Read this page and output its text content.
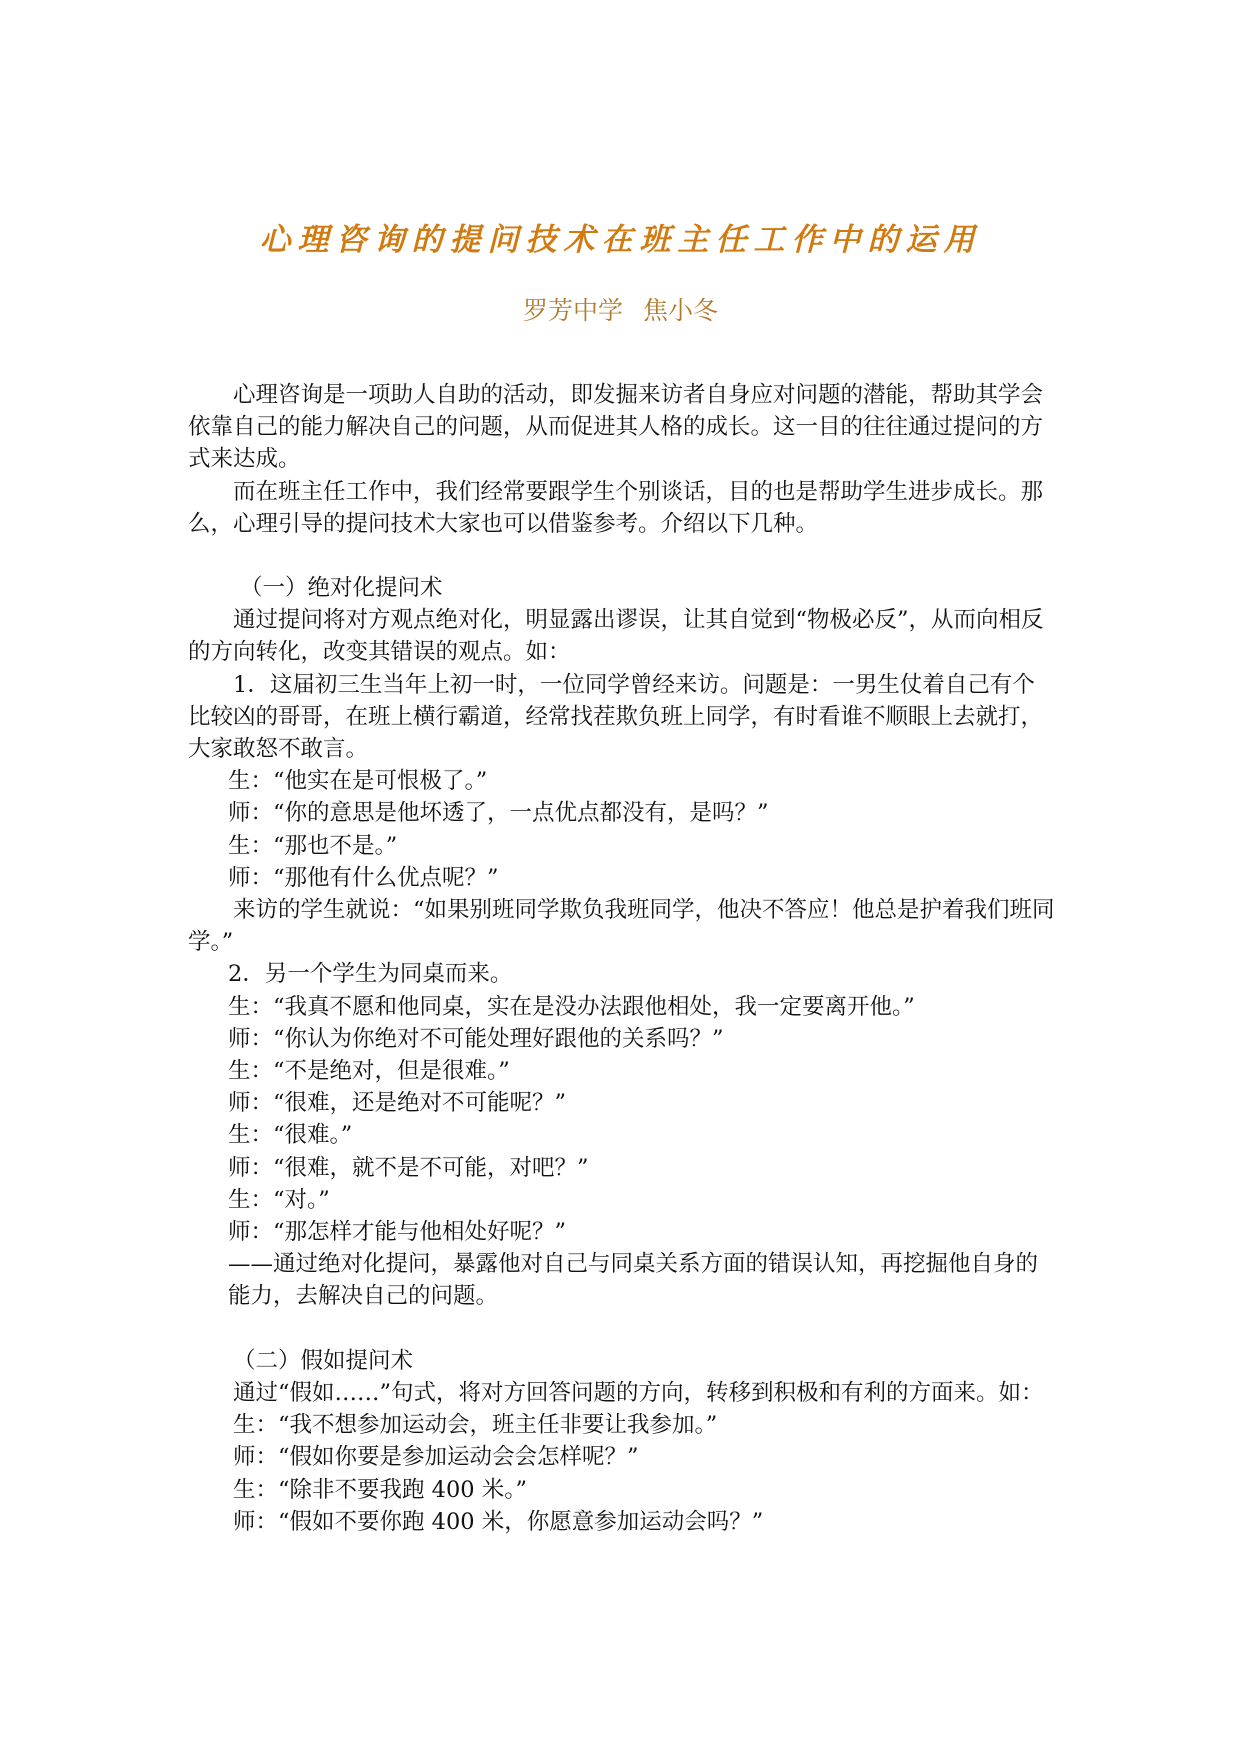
心理咨询的提问技术在班主任工作中的运用
罗芳中学 焦小冬

心理咨询是一项助人自助的活动，即发掘来访者自身应对问题的潜能，帮助其学会依靠自己的能力解决自己的问题，从而促进其人格的成长。这一目的往往通过提问的方式来达成。

而在班主任工作中，我们经常要跟学生个别谈话，目的也是帮助学生进步成长。那么，心理引导的提问技术大家也可以借鉴参考。介绍以下几种。

（一）绝对化提问术

通过提问将对方观点绝对化，明显露出谬误，让其自觉到“物极必反”，从而向相反的方向转化，改变其错误的观点。如：

1．这届初三生当年上初一时，一位同学曾经来访。问题是：一男生仗着自己有个比较凶的哥哥，在班上横行霸道，经常找茬欺负班上同学，有时看谁不顺眼上去就打，大家敢怒不敢言。

生：“他实在是可恨极了。”

师：“你的意思是他坏透了，一点优点都没有，是吗？”

生：“那也不是。”

师：“那他有什么优点呢？”

来访的学生就说：“如果别班同学欺负我班同学，他决不答应！他总是护着我们班同学。”

2．另一个学生为同桌而来。

生：“我真不愿和他同桌，实在是没办法跟他相处，我一定要离开他。”

师：“你认为你绝对不可能处理好跟他的关系吗？”

生：“不是绝对，但是很难。”

师：“很难，还是绝对不可能呢？”

生：“很难。”

师：“很难，就不是不可能，对吧？”

生：“对。”

师：“那怎样才能与他相处好呢？”

——通过绝对化提问，暴露他对自己与同桌关系方面的错误认知，再挖掘他自身的能力，去解决自己的问题。

（二）假如提问术

通过“假如……”句式，将对方回答问题的方向，转移到积极和有利的方面来。如：

生：“我不想参加运动会，班主任非要让我参加。”

师：“假如你要是参加运动会会怎样呢？”

生：“除非不要我跑 400 米。”

师：“假如不要你跑 400 米，你愿意参加运动会吗？”
